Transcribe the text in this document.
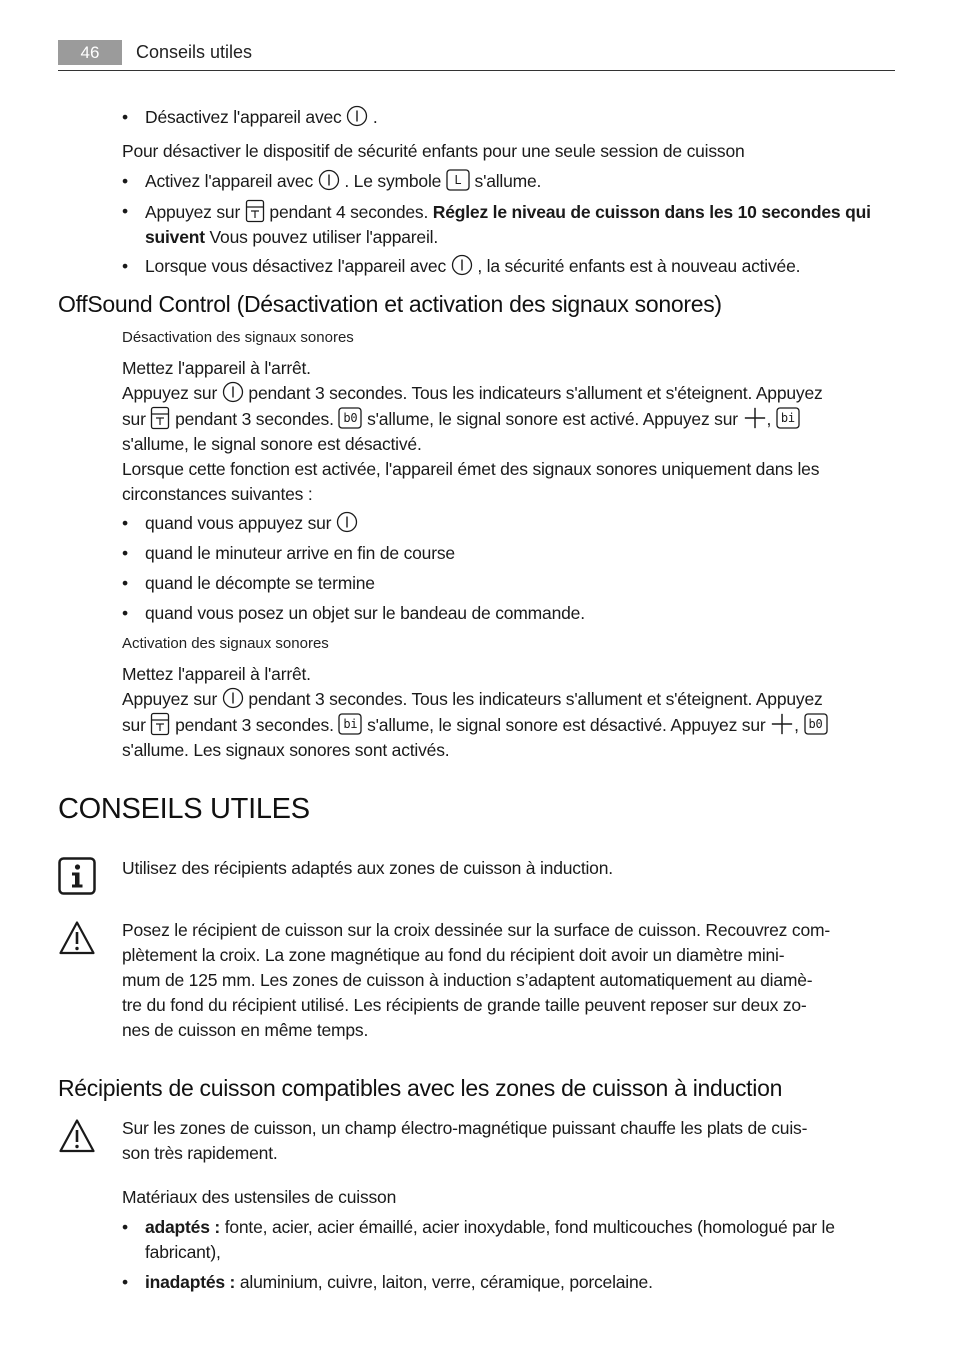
46	Conseils utiles
• Désactivez l'appareil avec .
Pour désactiver le dispositif de sécurité enfants pour une seule session de cuisson
• Activez l'appareil avec . Le symbole	L s'allume.
• Appuyez sur pendant 4 secondes. Réglez le niveau de cuisson dans les 10 secondes qui suivent Vous pouvez utiliser l'appareil.
• Lorsque vous désactivez l'appareil avec , la sécurité enfants est à nouveau activée.
OffSound Control (Désactivation et activation des signaux sonores)
Désactivation des signaux sonores
Mettez l'appareil à l'arrêt.
Appuyez sur pendant 3 secondes. Tous les indicateurs s'allument et s'éteignent. Appuyez
sur pendant 3 secondes. b0 s'allume, le signal sonore est activé. Appuyez sur , bi
s'allume, le signal sonore est désactivé.
Lorsque cette fonction est activée, l'appareil émet des signaux sonores uniquement dans les
circonstances suivantes :
• quand vous appuyez sur
• quand le minuteur arrive en fin de course
• quand le décompte se termine
• quand vous posez un objet sur le bandeau de commande.
Activation des signaux sonores
Mettez l'appareil à l'arrêt.
Appuyez sur pendant 3 secondes. Tous les indicateurs s'allument et s'éteignent. Appuyez
sur pendant 3 secondes. bi s'allume, le signal sonore est désactivé. Appuyez sur , b0
s'allume. Les signaux sonores sont activés.
CONSEILS UTILES
Utilisez des récipients adaptés aux zones de cuisson à induction.
Posez le récipient de cuisson sur la croix dessinée sur la surface de cuisson. Recouvrez com-
plètement la croix. La zone magnétique au fond du récipient doit avoir un diamètre mini-
mum de 125 mm. Les zones de cuisson à induction s’adaptent automatiquement au diamè-
tre du fond du récipient utilisé. Les récipients de grande taille peuvent reposer sur deux zo-
nes de cuisson en même temps.
Récipients de cuisson compatibles avec les zones de cuisson à induction
Sur les zones de cuisson, un champ électro-magnétique puissant chauffe les plats de cuis-
son très rapidement.
Matériaux des ustensiles de cuisson
• adaptés : fonte, acier, acier émaillé, acier inoxydable, fond multicouches (homologué par le fabricant),
• inadaptés : aluminium, cuivre, laiton, verre, céramique, porcelaine.
